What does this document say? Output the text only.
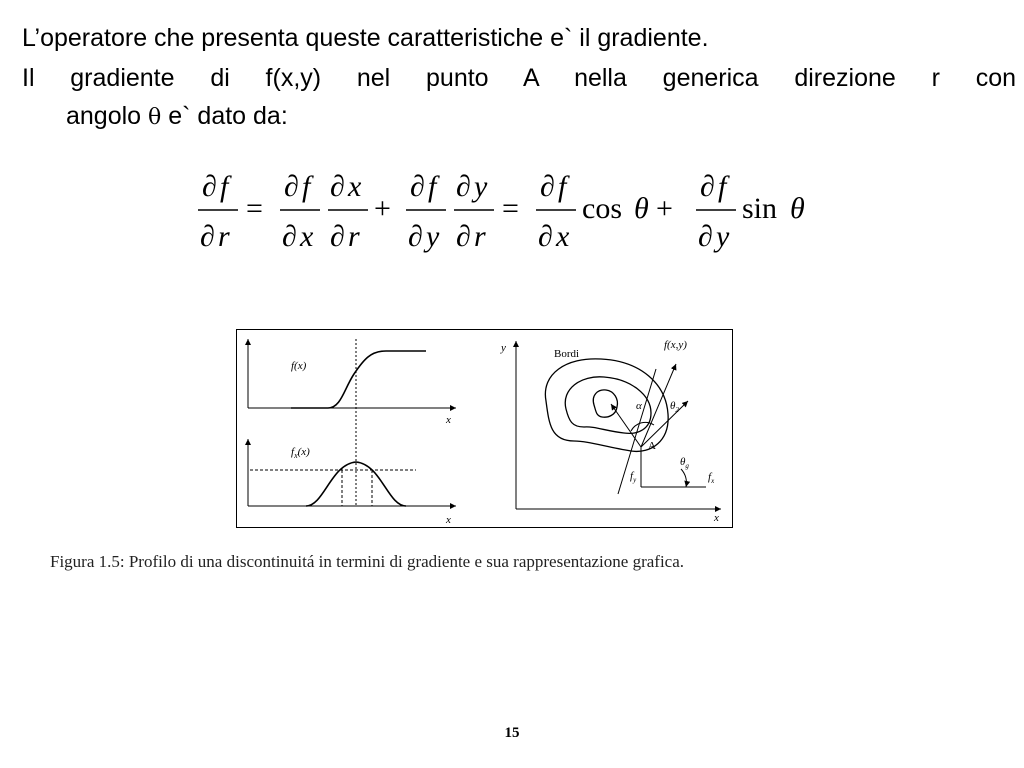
L’operatore che presenta queste caratteristiche e` il gradiente.

Il gradiente di f(x,y) nel punto A nella generica direzione r con

angolo θ e` dato da:

∂ f
∂ r
=
∂ f
∂ x
∂ x
∂ r
+
∂ f
∂ y
∂ y
∂ r
=
∂ f
∂ x
cos θ +
∂ f
∂ y
sin θ
f(x)
x
$f_x(x)$
x
y
x
Bordi
f(x,y)
α	$\theta_2$
$\theta_g$
A
$f_y$	$f_x$
Figura 1.5: Profilo di una discontinuitá in termini di gradiente e sua rappresentazione grafica.
15
